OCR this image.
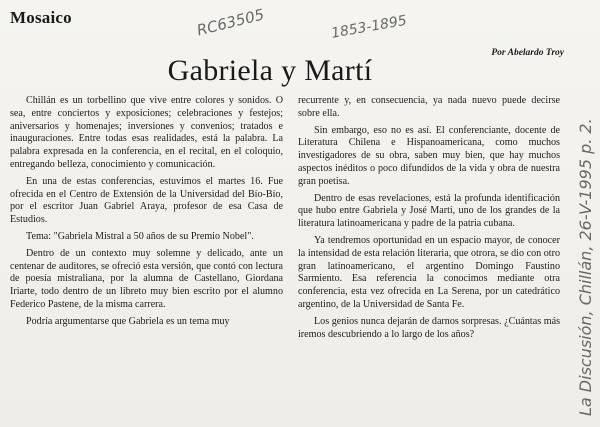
Mosaico	RC63505	1853-1895
La Discusión, Chillán, 26-V-1995 p. 2.
Por Abelardo Troy
Gabriela y Martí

Chillán es un torbellino que vive entre colores y sonidos. O sea, entre conciertos y exposiciones; celebraciones y festejos; aniversarios y homenajes; inversiones y convenios; tratados e inauguraciones. Entre todas esas realidades, está la palabra. La palabra expresada en la conferencia, en el recital, en el coloquio, entregando belleza, conocimiento y comunicación.

En una de estas conferencias, estuvimos el martes 16. Fue ofrecida en el Centro de Extensión de la Universidad del Bío-Bío, por el escritor Juan Gabriel Araya, profesor de esa Casa de Estudios.

Tema: "Gabriela Mistral a 50 años de su Premio Nobel".

Dentro de un contexto muy solemne y delicado, ante un centenar de auditores, se ofreció esta versión, que contó con lectura de poesía mistraliana, por la alumna de Castellano, Giordana Iriarte, todo dentro de un libreto muy bien escrito por el alumno Federico Pastene, de la misma carrera.

Podría argumentarse que Gabriela es un tema muy

recurrente y, en consecuencia, ya nada nuevo puede decirse sobre ella.

Sin embargo, eso no es así. El conferenciante, docente de Literatura Chilena e Hispanoamericana, como muchos investigadores de su obra, saben muy bien, que hay muchos aspectos inéditos o poco difundidos de la vida y obra de nuestra gran poetisa.

Dentro de esas revelaciones, está la profunda identificación que hubo entre Gabriela y José Martí, uno de los grandes de la literatura latinoamericana y padre de la patria cubana.

Ya tendremos oportunidad en un espacio mayor, de conocer la intensidad de esta relación literaria, que otrora, se dio con otro gran latinoamericano, el argentino Domingo Faustino Sarmiento. Esa referencia la conocimos mediante otra conferencia, esta vez ofrecida en La Serena, por un catedrático argentino, de la Universidad de Santa Fe.

Los genios nunca dejarán de darnos sorpresas. ¿Cuántas más iremos descubriendo a lo largo de los años?
